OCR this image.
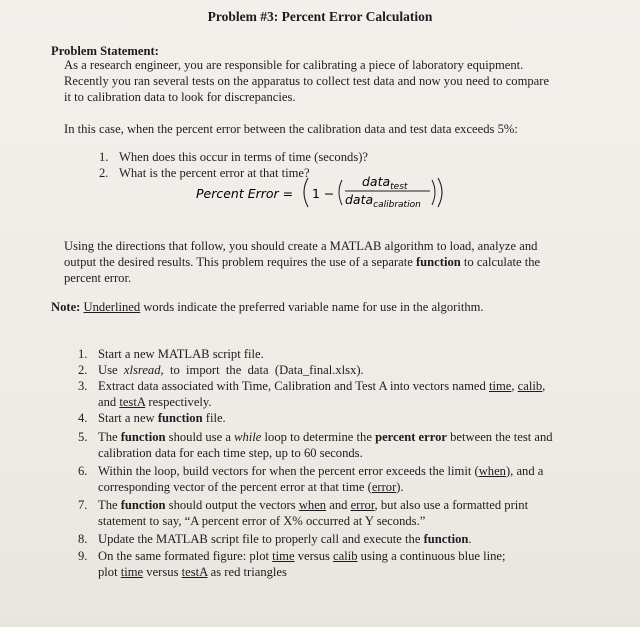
Problem #3: Percent Error Calculation
Problem Statement:
As a research engineer, you are responsible for calibrating a piece of laboratory equipment.
Recently you ran several tests on the apparatus to collect test data and now you need to compare
it to calibration data to look for discrepancies.
In this case, when the percent error between the calibration data and test data exceeds 5%:
1. When does this occur in terms of time (seconds)?
2. What is the percent error at that time?
Percent Error = 1 −
data$_{test}$
data$_{calibration}$
Using the directions that follow, you should create a MATLAB algorithm to load, analyze and
output the desired results. This problem requires the use of a separate function to calculate the
percent error.
Note: Underlined words indicate the preferred variable name for use in the algorithm.
1. Start a new MATLAB script file.
2. Use  xlsread,  to  import  the  data  (Data_final.xlsx).
3. Extract data associated with Time, Calibration and Test A into vectors named time, calib,
and testA respectively.
4. Start a new function file.
5. The function should use a while loop to determine the percent error between the test and
calibration data for each time step, up to 60 seconds.
6. Within the loop, build vectors for when the percent error exceeds the limit (when), and a
corresponding vector of the percent error at that time (error).
7. The function should output the vectors when and error, but also use a formatted print
statement to say, “A percent error of X% occurred at Y seconds.”
8. Update the MATLAB script file to properly call and execute the function.
9. On the same formated figure: plot time versus calib using a continuous blue line;
plot time versus testA as red triangles
